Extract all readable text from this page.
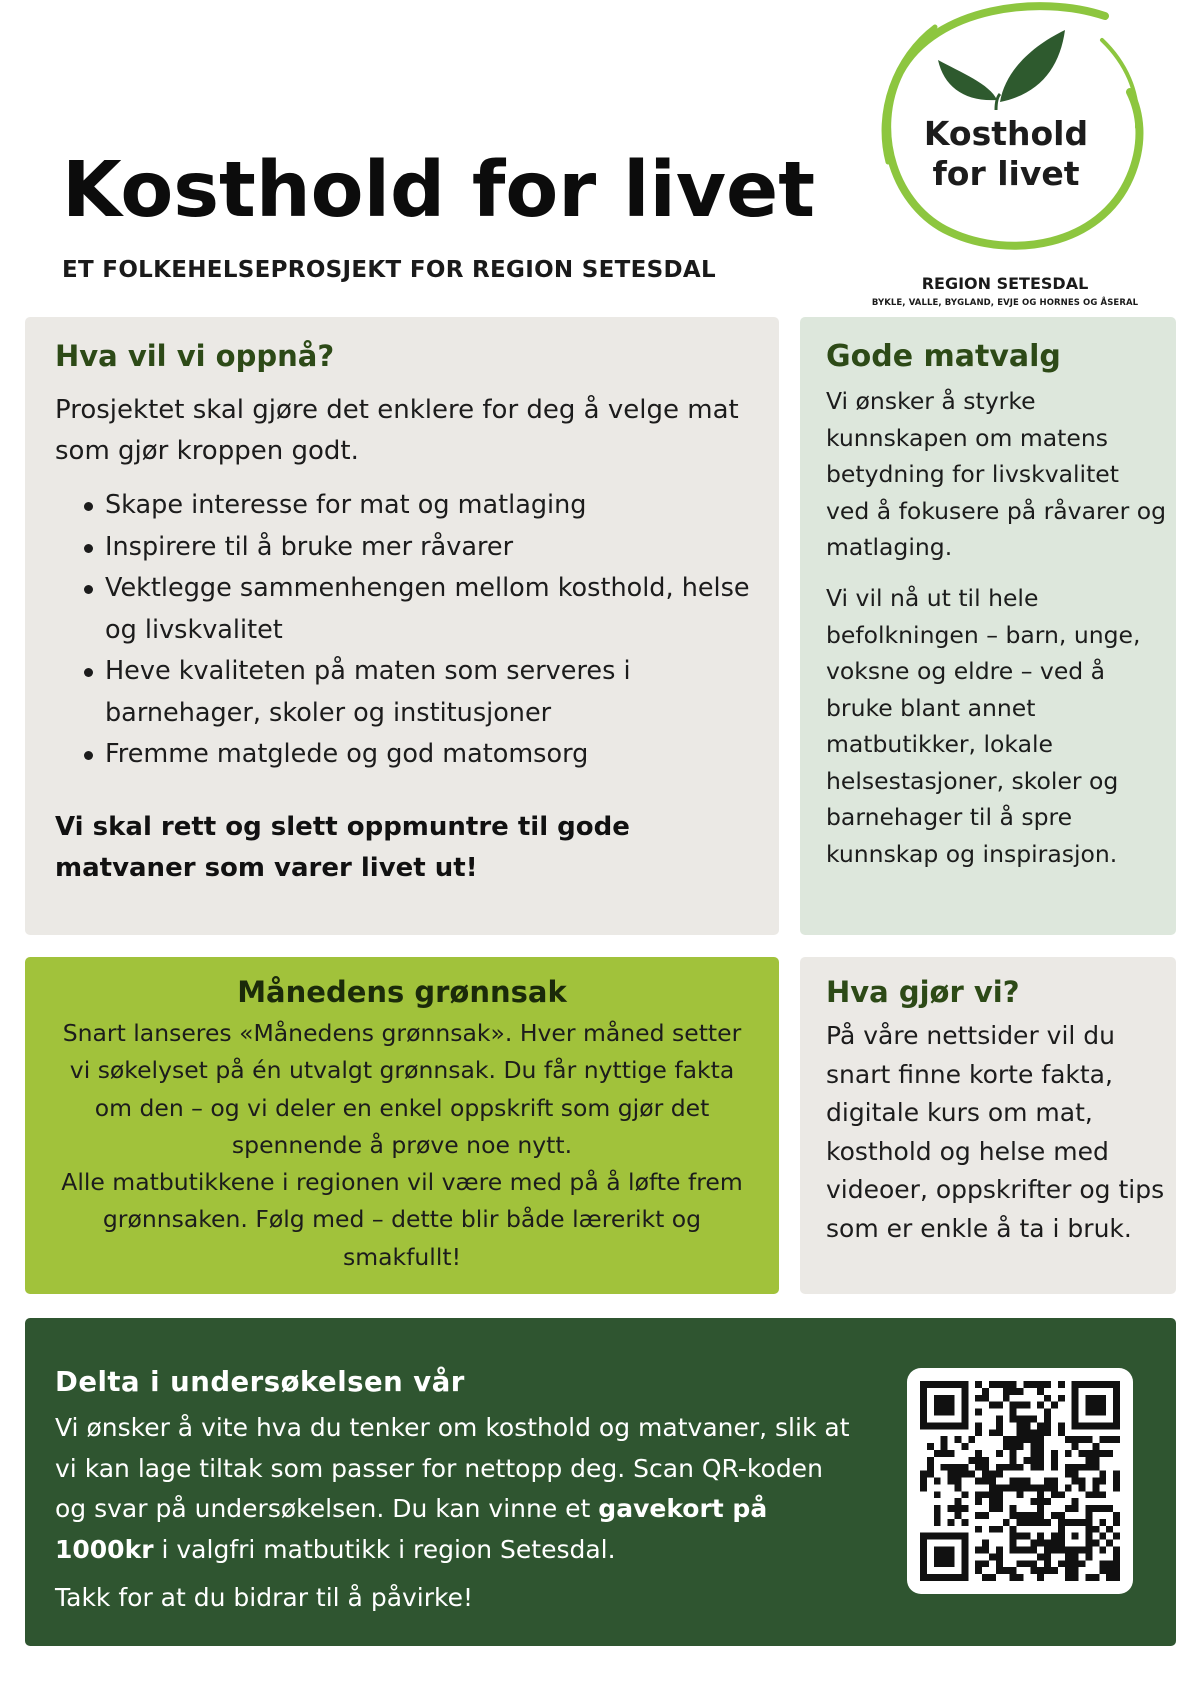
Kosthold for livet
ET FOLKEHELSEPROSJEKT FOR REGION SETESDAL
Kosthold
for livet
REGION SETESDAL
BYKLE, VALLE, BYGLAND, EVJE OG HORNES OG ÅSERAL
Hva vil vi oppnå?
Prosjektet skal gjøre det enklere for deg å velge mat som gjør kroppen godt.
Skape interesse for mat og matlaging
Inspirere til å bruke mer råvarer
Vektlegge sammenhengen mellom kosthold, helse og livskvalitet
Heve kvaliteten på maten som serveres i barnehager, skoler og institusjoner
Fremme matglede og god matomsorg
Vi skal rett og slett oppmuntre til gode matvaner som varer livet ut!
Gode matvalg
Vi ønsker å styrke kunnskapen om matens betydning for livskvalitet ved å fokusere på råvarer og matlaging.
Vi vil nå ut til hele befolkningen – barn, unge, voksne og eldre – ved å bruke blant annet matbutikker, lokale helsestasjoner, skoler og barnehager til å spre kunnskap og inspirasjon.
Månedens grønnsak
Snart lanseres «Månedens grønnsak». Hver måned setter vi søkelyset på én utvalgt grønnsak. Du får nyttige fakta om den – og vi deler en enkel oppskrift som gjør det spennende å prøve noe nytt.
Alle matbutikkene i regionen vil være med på å løfte frem grønnsaken. Følg med – dette blir både lærerikt og smakfullt!
Hva gjør vi?
På våre nettsider vil du snart finne korte fakta, digitale kurs om mat, kosthold og helse med videoer, oppskrifter og tips som er enkle å ta i bruk.
Delta i undersøkelsen vår
Vi ønsker å vite hva du tenker om kosthold og matvaner, slik at vi kan lage tiltak som passer for nettopp deg. Scan QR-koden og svar på undersøkelsen. Du kan vinne et gavekort på 1000kr i valgfri matbutikk i region Setesdal.
Takk for at du bidrar til å påvirke!
